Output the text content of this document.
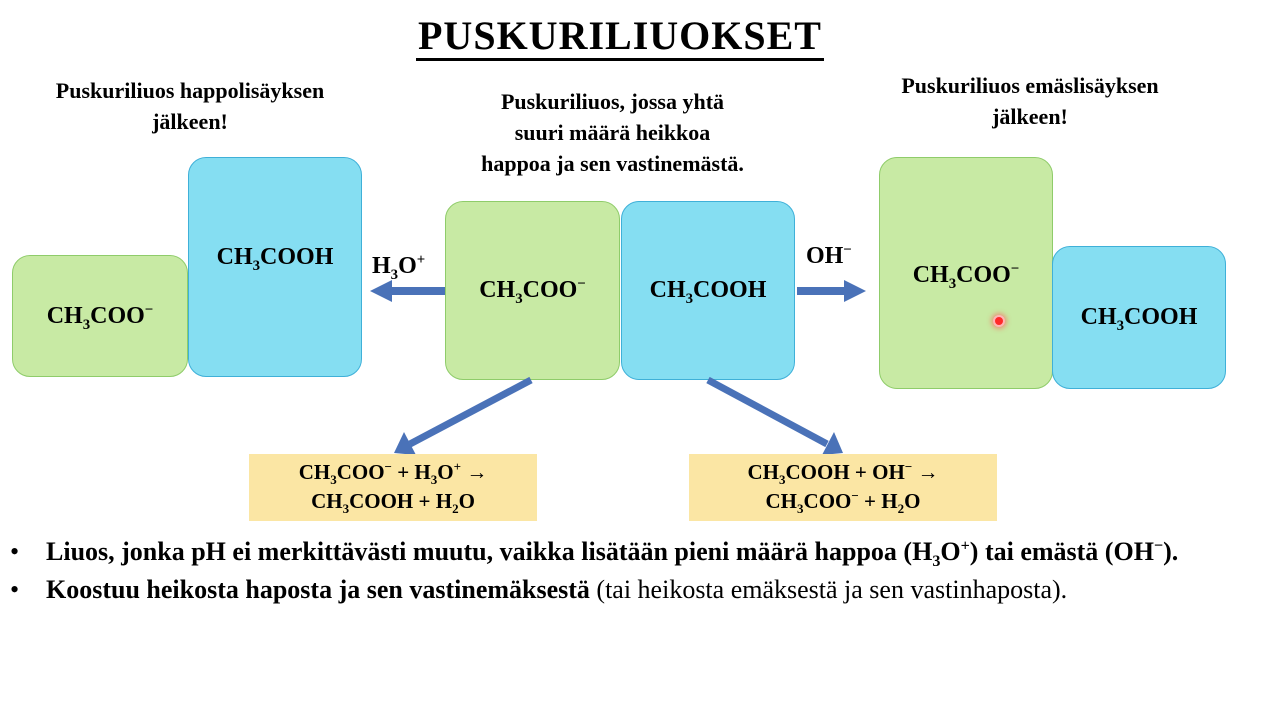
PUSKURILIUOKSET
Puskuriliuos happolisäyksen
jälkeen!
Puskuriliuos, jossa yhtä
suuri määrä heikkoa
happoa ja sen vastinemästä.
Puskuriliuos emäslisäyksen
jälkeen!
$CH_3COO^-$
$CH_3COOH$
$CH_3COO^-$	$CH_3COOH$
$CH_3COO^-$
$CH_3COOH$
$H_3O^+$	OH−
$CH_3COO^- + H_3O^+$ →
$CH_3COOH + H_2O$
$CH_3COOH + OH^-$ →
$CH_3COO^- + H_2O$
•	Liuos, jonka pH ei merkittävästi muutu, vaikka lisätään pieni määrä happoa $(H_3O^+)$ tai emästä (OH−).
•	Koostuu heikosta haposta ja sen vastinemäksestä (tai heikosta emäksestä ja sen vastinhaposta).
